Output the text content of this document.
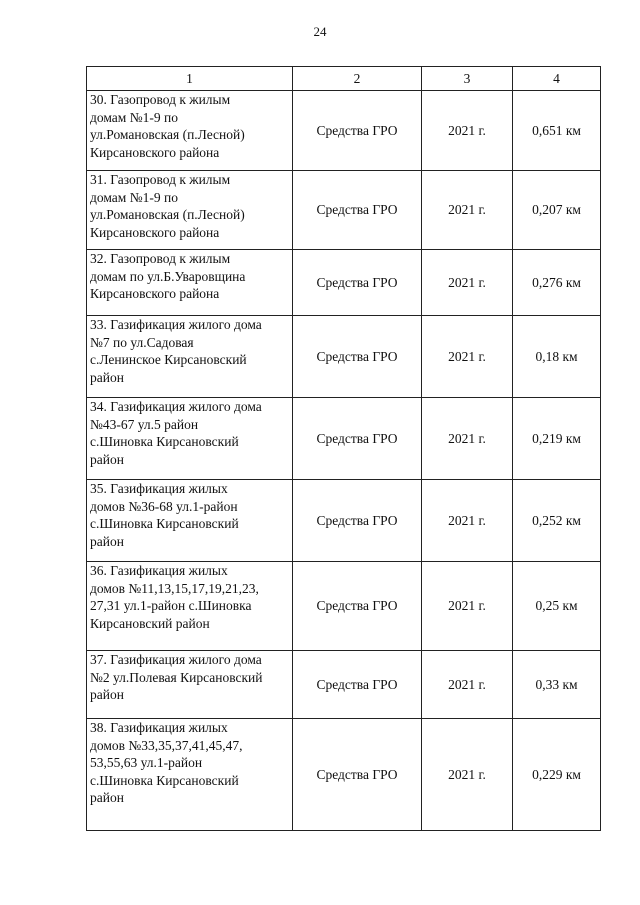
24
1	2	3	4

30. Газопровод к жилым
домам №1-9 по
ул.Романовская (п.Лесной)
Кирсановского района	Средства ГРО	2021 г.	0,651 км

31. Газопровод к жилым
домам №1-9 по
ул.Романовская (п.Лесной)
Кирсановского района	Средства ГРО	2021 г.	0,207 км

32. Газопровод к жилым
домам по ул.Б.Уваровщина
Кирсановского района	Средства ГРО	2021 г.	0,276 км

33. Газификация жилого дома
№7 по ул.Садовая
с.Ленинское Кирсановский
район	Средства ГРО	2021 г.	0,18 км

34. Газификация жилого дома
№43-67 ул.5 район
с.Шиновка Кирсановский
район	Средства ГРО	2021 г.	0,219 км

35. Газификация жилых
домов №36-68 ул.1-район
с.Шиновка Кирсановский
район	Средства ГРО	2021 г.	0,252 км

36. Газификация жилых
домов №11,13,15,17,19,21,23,
27,31 ул.1-район с.Шиновка
Кирсановский район	Средства ГРО	2021 г.	0,25 км

37. Газификация жилого дома
№2 ул.Полевая Кирсановский
район	Средства ГРО	2021 г.	0,33 км

38. Газификация жилых
домов №33,35,37,41,45,47,
53,55,63 ул.1-район
с.Шиновка Кирсановский
район	Средства ГРО	2021 г.	0,229 км
